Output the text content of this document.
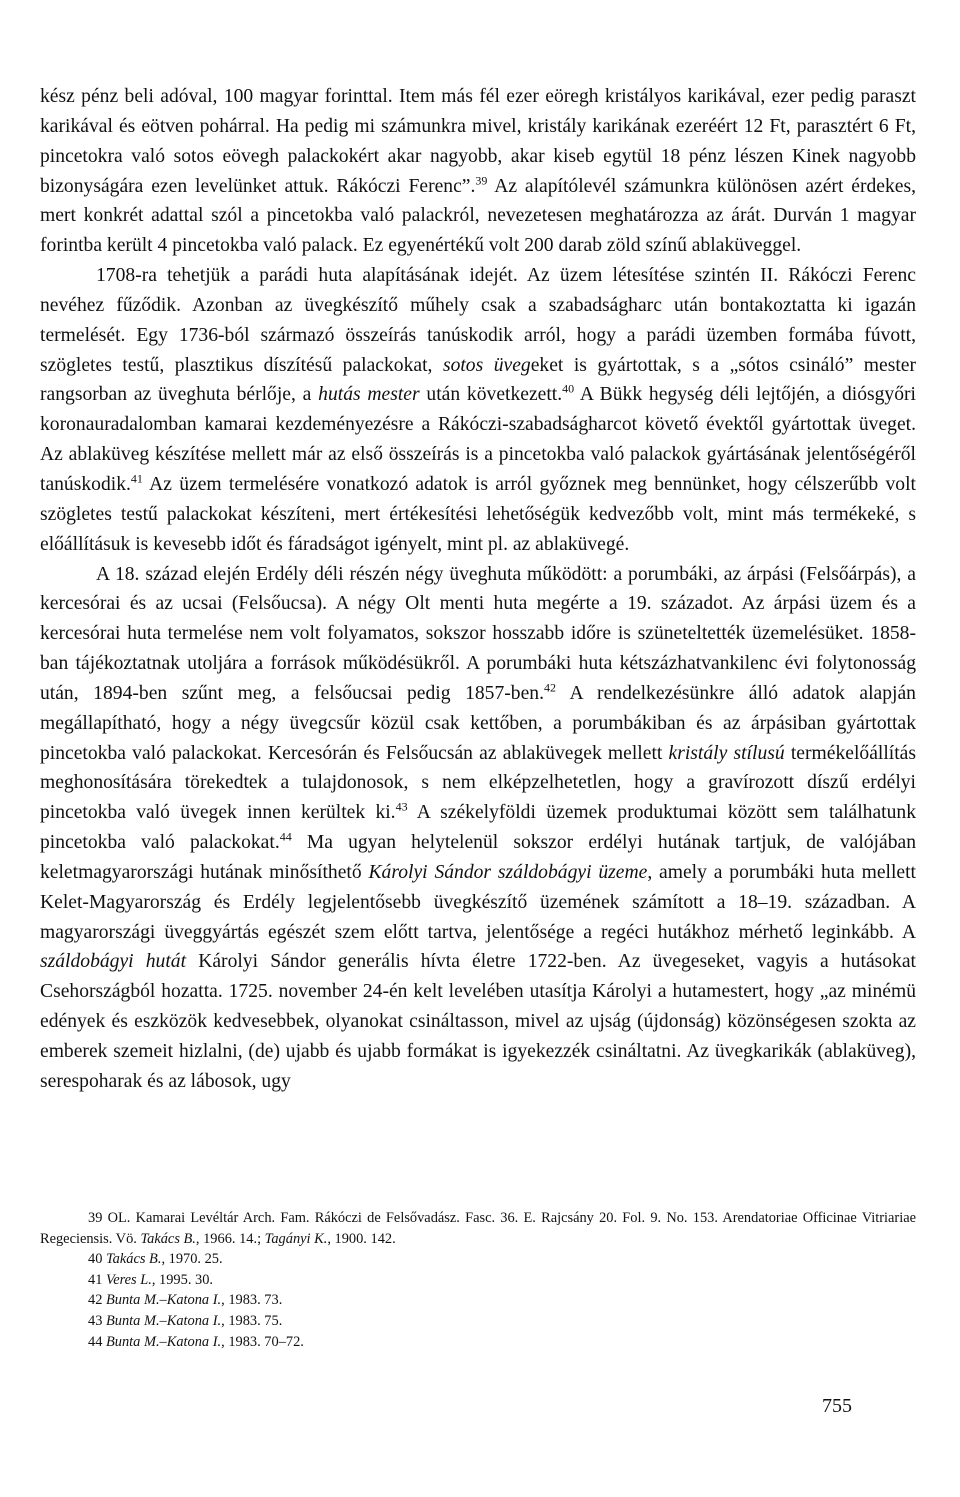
kész pénz beli adóval, 100 magyar forinttal. Item más fél ezer eöregh kristályos karikával, ezer pedig paraszt karikával és eötven pohárral. Ha pedig mi számunkra mivel, kristály karikának ezeréért 12 Ft, parasztért 6 Ft, pincetokra való sotos eövegh palackokért akar nagyobb, akar kiseb egytül 18 pénz lészen Kinek nagyobb bizonyságára ezen levelünket attuk. Rákóczi Ferenc”.$^{39}$ Az alapítólevél számunkra különösen azért érdekes, mert konkrét adattal szól a pincetokba való palackról, nevezetesen meghatározza az árát. Durván 1 magyar forintba került 4 pincetokba való palack. Ez egyenértékű volt 200 darab zöld színű ablaküveggel.

1708-ra tehetjük a parádi huta alapításának idejét. Az üzem létesítése szintén II. Rákóczi Ferenc nevéhez fűződik. Azonban az üvegkészítő műhely csak a szabadságharc után bontakoztatta ki igazán termelését. Egy 1736-ból származó összeírás tanúskodik arról, hogy a parádi üzemben formába fúvott, szögletes testű, plasztikus díszítésű palackokat, sotos üvegeket is gyártottak, s a „sótos csináló” mester rangsorban az üveghuta bérlője, a hutás mester után következett.$^{40}$ A Bükk hegység déli lejtőjén, a diósgyőri koronauradalomban kamarai kezdeményezésre a Rákóczi-szabadságharcot követő évektől gyártottak üveget. Az ablaküveg készítése mellett már az első összeírás is a pincetokba való palackok gyártásának jelentőségéről tanúskodik.$^{41}$ Az üzem termelésére vonatkozó adatok is arról győznek meg bennünket, hogy célszerűbb volt szögletes testű palackokat készíteni, mert értékesítési lehetőségük kedvezőbb volt, mint más termékeké, s előállításuk is kevesebb időt és fáradságot igényelt, mint pl. az ablaküvegé.

A 18. század elején Erdély déli részén négy üveghuta működött: a porumbáki, az árpási (Felsőárpás), a kercesórai és az ucsai (Felsőucsa). A négy Olt menti huta megérte a 19. századot. Az árpási üzem és a kercesórai huta termelése nem volt folyamatos, sokszor hosszabb időre is szüneteltették üzemelésüket. 1858-ban tájékoztatnak utoljára a források működésükről. A porumbáki huta kétszázhatvankilenc évi folytonosság után, 1894-ben szűnt meg, a felsőucsai pedig 1857-ben.$^{42}$ A rendelkezésünkre álló adatok alapján megállapítható, hogy a négy üvegcsűr közül csak kettőben, a porumbákiban és az árpásiban gyártottak pincetokba való palackokat. Kercesórán és Felsőucsán az ablaküvegek mellett kristály stílusú termékelőállítás meghonosítására törekedtek a tulajdonosok, s nem elképzelhetetlen, hogy a gravírozott díszű erdélyi pincetokba való üvegek innen kerültek ki.$^{43}$ A székelyföldi üzemek produktumai között sem találhatunk pincetokba való palackokat.$^{44}$ Ma ugyan helytelenül sokszor erdélyi hutának tartjuk, de valójában keletmagyarországi hutának minősíthető Károlyi Sándor száldobágyi üzeme, amely a porumbáki huta mellett Kelet-Magyarország és Erdély legjelentősebb üvegkészítő üzemének számított a 18–19. században. A magyarországi üveggyártás egészét szem előtt tartva, jelentősége a regéci hutákhoz mérhető leginkább. A száldobágyi hutát Károlyi Sándor generális hívta életre 1722-ben. Az üvegeseket, vagyis a hutásokat Csehországból hozatta. 1725. november 24-én kelt levelében utasítja Károlyi a hutamestert, hogy „az minémü edények és eszközök kedvesebbek, olyanokat csináltasson, mivel az ujság (újdonság) közönségesen szokta az emberek szemeit hizlalni, (de) ujabb és ujabb formákat is igyekezzék csináltatni. Az üvegkarikák (ablaküveg), serespoharak és az lábosok, ugy

39 OL. Kamarai Levéltár Arch. Fam. Rákóczi de Felsővadász. Fasc. 36. E. Rajcsány 20. Fol. 9. No. 153. Arendatoriae Officinae Vitriariae Regeciensis. Vö. Takács B., 1966. 14.; Tagányi K., 1900. 142.

40 Takács B., 1970. 25.

41 Veres L., 1995. 30.

42 Bunta M.–Katona I., 1983. 73.

43 Bunta M.–Katona I., 1983. 75.

44 Bunta M.–Katona I., 1983. 70–72.

755
